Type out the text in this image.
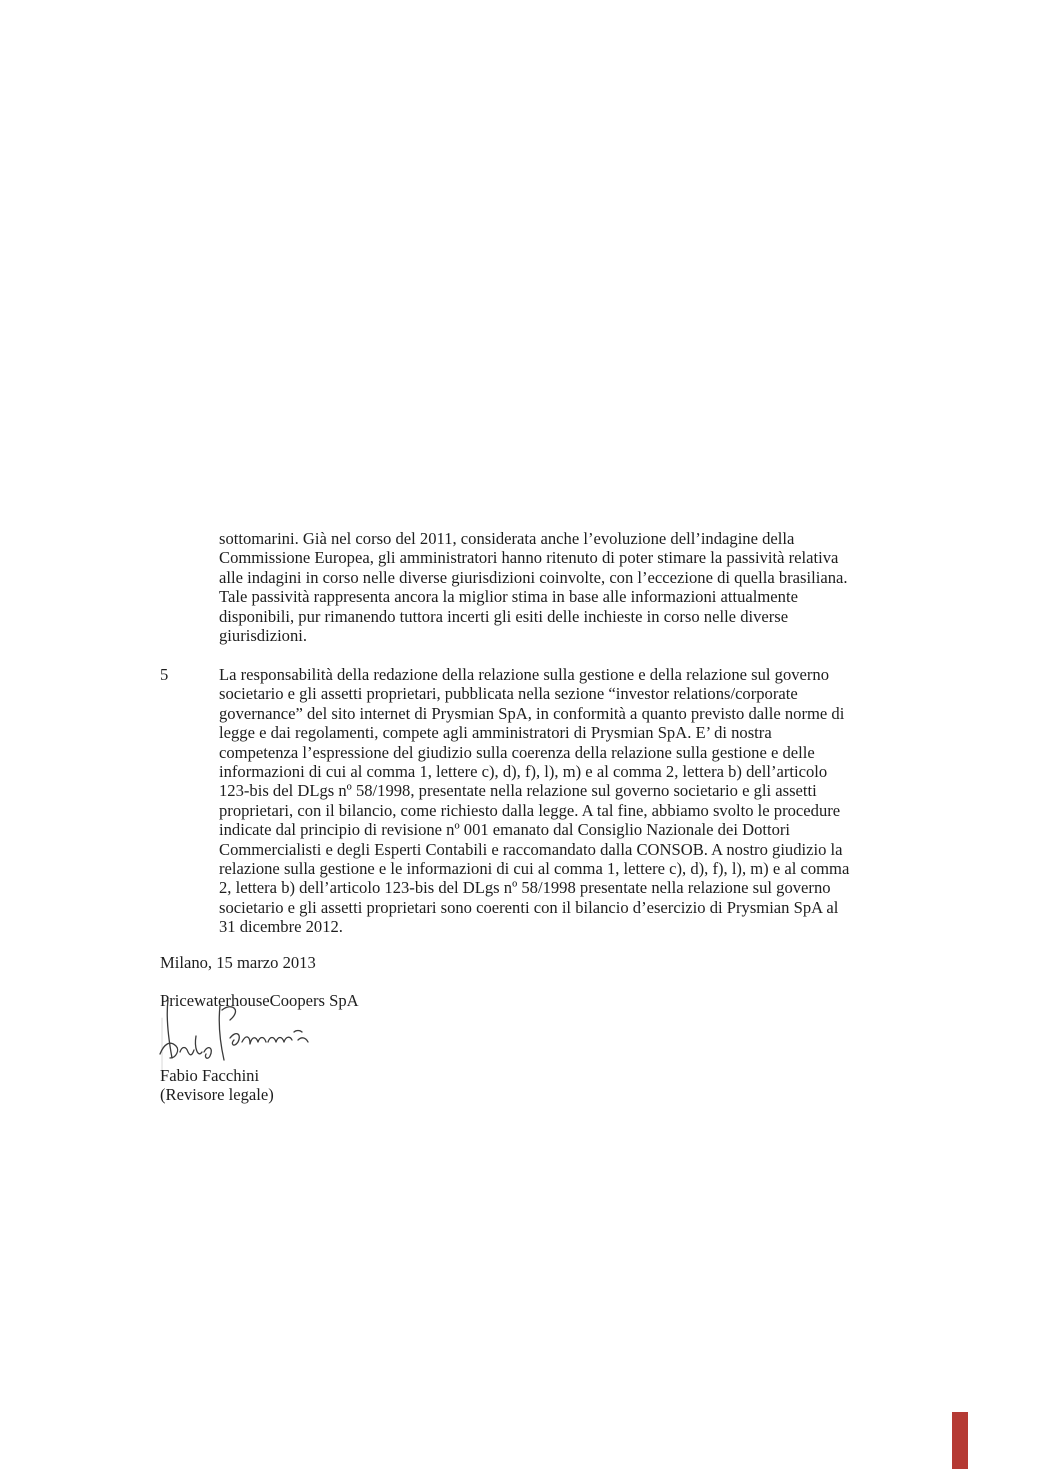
sottomarini. Già nel corso del 2011, considerata anche l’evoluzione dell’indagine della
Commissione Europea, gli amministratori hanno ritenuto di poter stimare la passività relativa
alle indagini in corso nelle diverse giurisdizioni coinvolte, con l’eccezione di quella brasiliana.
Tale passività rappresenta ancora la miglior stima in base alle informazioni attualmente
disponibili, pur rimanendo tuttora incerti gli esiti delle inchieste in corso nelle diverse
giurisdizioni.

5	La responsabilità della redazione della relazione sulla gestione e della relazione sul governo
societario e gli assetti proprietari, pubblicata nella sezione “investor relations/corporate
governance” del sito internet di Prysmian SpA, in conformità a quanto previsto dalle norme di
legge e dai regolamenti, compete agli amministratori di Prysmian SpA. E’ di nostra
competenza l’espressione del giudizio sulla coerenza della relazione sulla gestione e delle
informazioni di cui al comma 1, lettere c), d), f), l), m) e al comma 2, lettera b) dell’articolo
123-bis del DLgs nº 58/1998, presentate nella relazione sul governo societario e gli assetti
proprietari, con il bilancio, come richiesto dalla legge. A tal fine, abbiamo svolto le procedure
indicate dal principio di revisione nº 001 emanato dal Consiglio Nazionale dei Dottori
Commercialisti e degli Esperti Contabili e raccomandato dalla CONSOB. A nostro giudizio la
relazione sulla gestione e le informazioni di cui al comma 1, lettere c), d), f), l), m) e al comma
2, lettera b) dell’articolo 123-bis del DLgs nº 58/1998 presentate nella relazione sul governo
societario e gli assetti proprietari sono coerenti con il bilancio d’esercizio di Prysmian SpA al
31 dicembre 2012.

Milano, 15 marzo 2013
PricewaterhouseCoopers SpA
Fabio Facchini
(Revisore legale)
